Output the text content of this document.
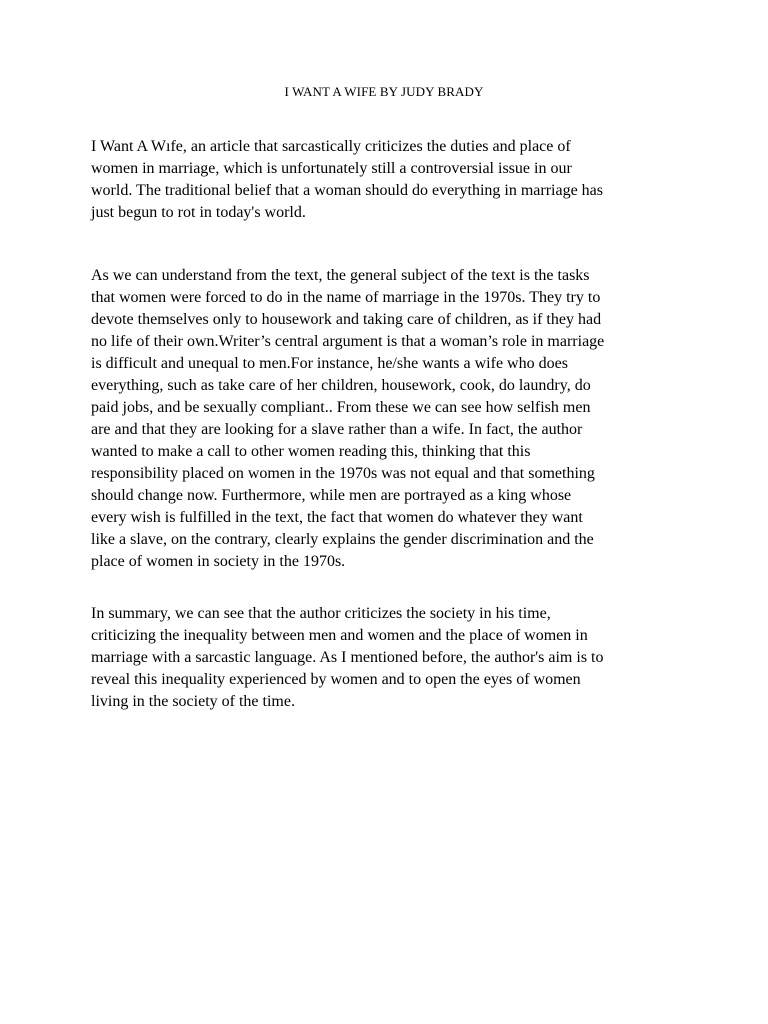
I WANT A WIFE BY JUDY BRADY

I Want A Wıfe, an article that sarcastically criticizes the duties and place of
women in marriage, which is unfortunately still a controversial issue in our
world. The traditional belief that a woman should do everything in marriage has
just begun to rot in today's world.

As we can understand from the text, the general subject of the text is the tasks
that women were forced to do in the name of marriage in the 1970s. They try to
devote themselves only to housework and taking care of children, as if they had
no life of their own.Writer’s central argument is that a woman’s role in marriage
is difficult and unequal to men.For instance, he/she wants a wife who does
everything, such as take care of her children, housework, cook, do laundry, do
paid jobs, and be sexually compliant.. From these we can see how selfish men
are and that they are looking for a slave rather than a wife. In fact, the author
wanted to make a call to other women reading this, thinking that this
responsibility placed on women in the 1970s was not equal and that something
should change now. Furthermore, while men are portrayed as a king whose
every wish is fulfilled in the text, the fact that women do whatever they want
like a slave, on the contrary, clearly explains the gender discrimination and the
place of women in society in the 1970s.

In summary, we can see that the author criticizes the society in his time,
criticizing the inequality between men and women and the place of women in
marriage with a sarcastic language. As I mentioned before, the author's aim is to
reveal this inequality experienced by women and to open the eyes of women
living in the society of the time.
